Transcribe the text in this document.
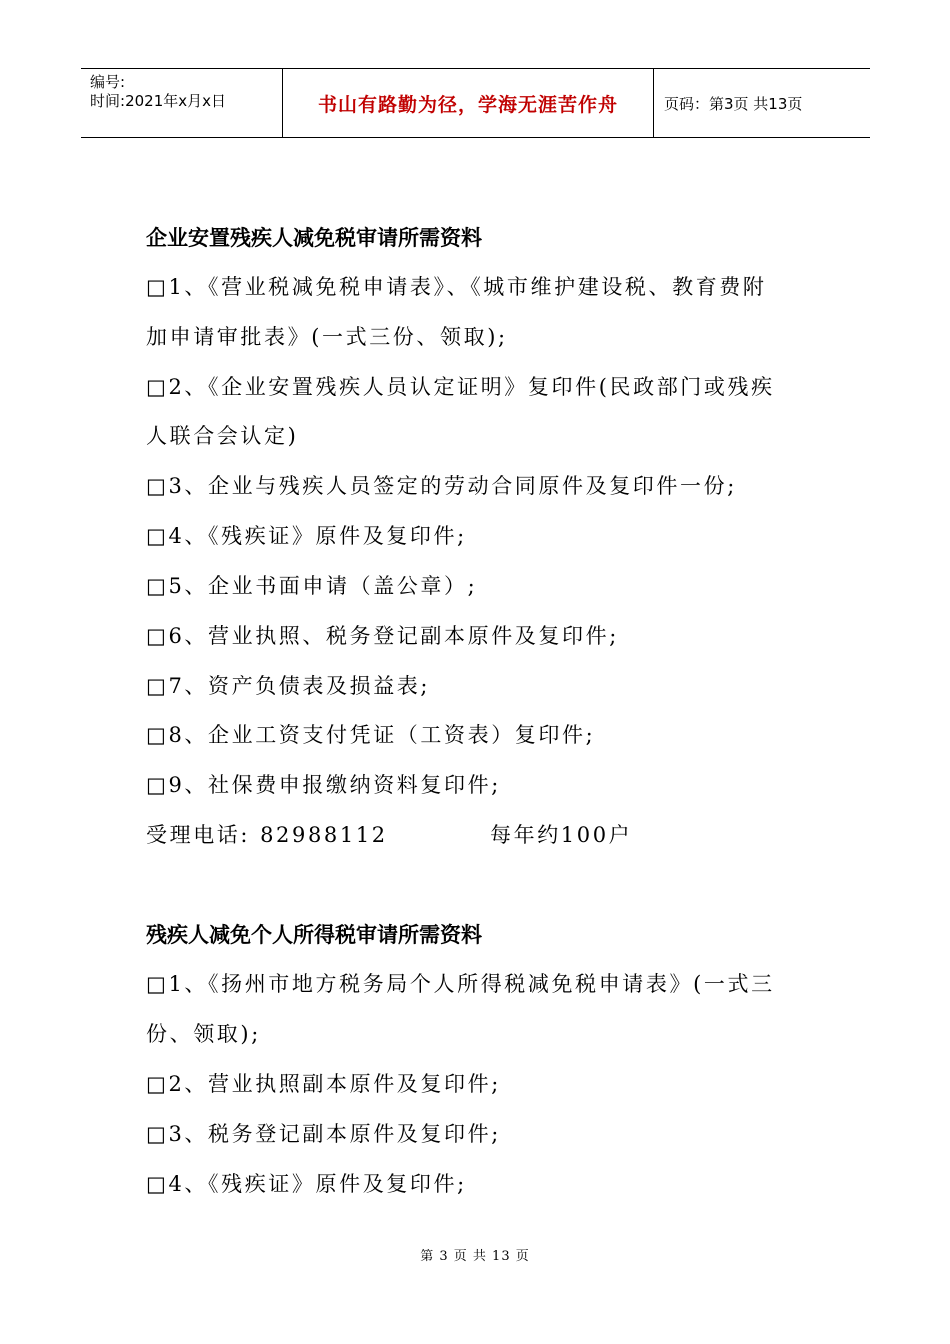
编号:
时间:2021年x月x日	书山有路勤为径，学海无涯苦作舟	页码：第3页 共13页
企业安置残疾人减免税审请所需资料
□1、《营业税减免税申请表》、《城市维护建设税、教育费附
加申请审批表》(一式三份、领取);
□2、《企业安置残疾人员认定证明》复印件(民政部门或残疾
人联合会认定)
□3、企业与残疾人员签定的劳动合同原件及复印件一份;
□4、《残疾证》原件及复印件;
□5、企业书面申请（盖公章）;
□6、营业执照、税务登记副本原件及复印件;
□7、资产负债表及损益表;
□8、企业工资支付凭证（工资表）复印件;
□9、社保费申报缴纳资料复印件;
受理电话: 82988112	每年约100户
残疾人减免个人所得税审请所需资料
□1、《扬州市地方税务局个人所得税减免税申请表》(一式三
份、领取);
□2、营业执照副本原件及复印件;
□3、税务登记副本原件及复印件;
□4、《残疾证》原件及复印件;
第 3 页 共 13 页
